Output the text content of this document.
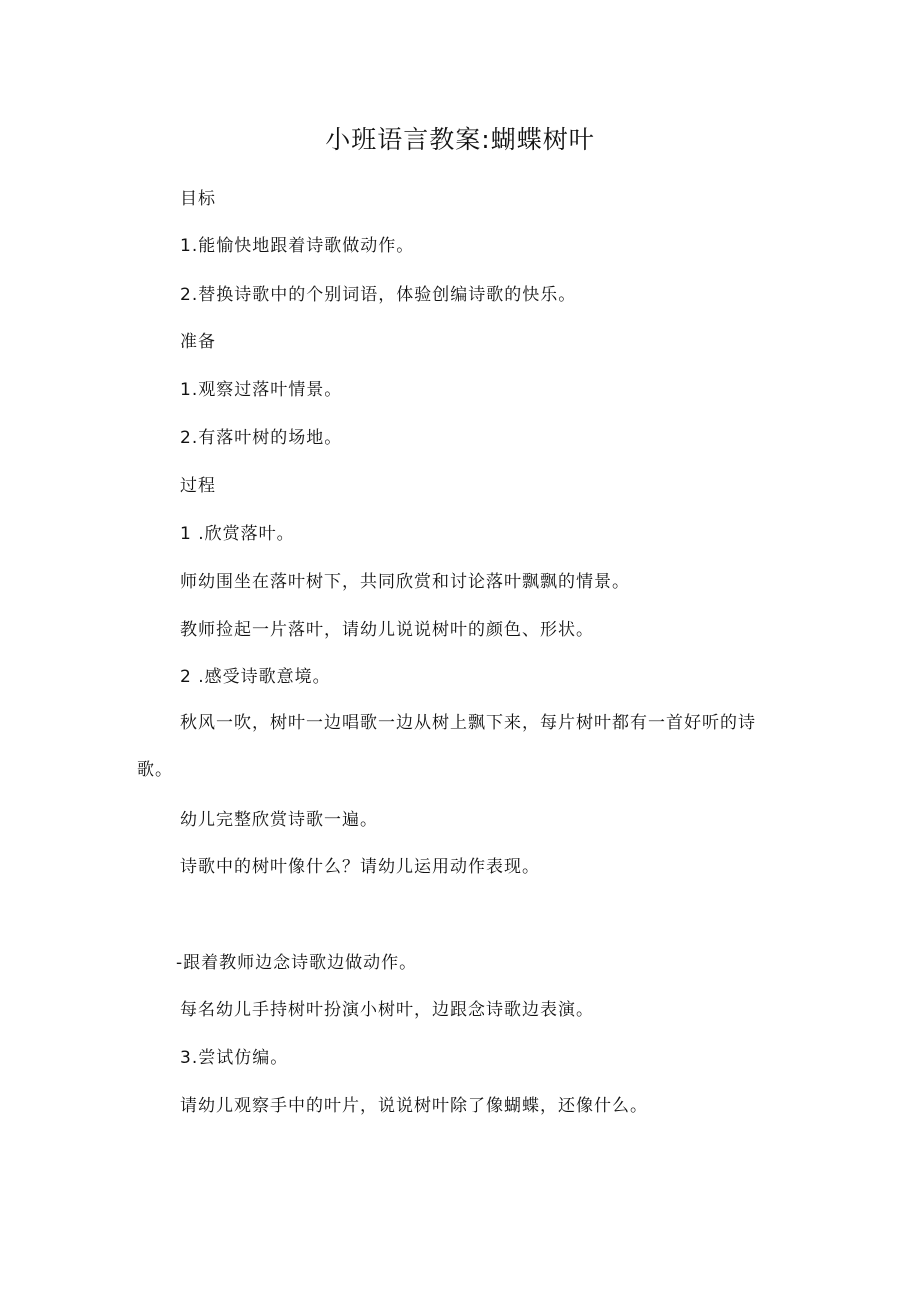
小班语言教案:蝴蝶树叶
目标
1.能愉快地跟着诗歌做动作。
2.替换诗歌中的个别词语，体验创编诗歌的快乐。
准备
1.观察过落叶情景。
2.有落叶树的场地。
过程
1 .欣赏落叶。
师幼围坐在落叶树下，共同欣赏和讨论落叶飘飘的情景。
教师捡起一片落叶，请幼儿说说树叶的颜色、形状。
2 .感受诗歌意境。
秋风一吹，树叶一边唱歌一边从树上飘下来，每片树叶都有一首好听的诗歌。
幼儿完整欣赏诗歌一遍。
诗歌中的树叶像什么？请幼儿运用动作表现。
-跟着教师边念诗歌边做动作。
每名幼儿手持树叶扮演小树叶，边跟念诗歌边表演。
3.尝试仿编。
请幼儿观察手中的叶片，说说树叶除了像蝴蝶，还像什么。
